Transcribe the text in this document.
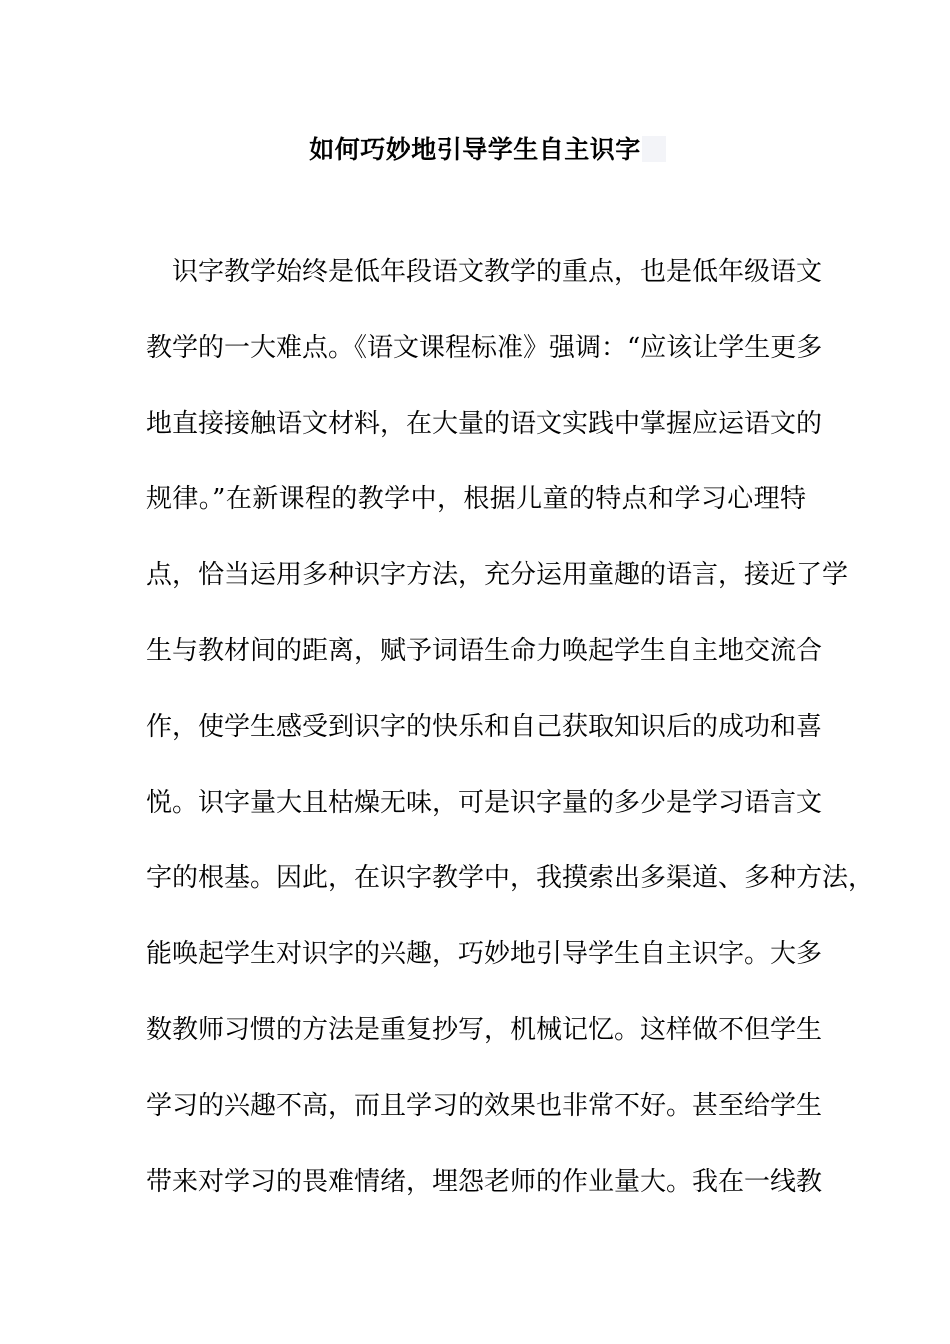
如何巧妙地引导学生自主识字
识字教学始终是低年段语文教学的重点，也是低年级语文
教学的一大难点。《语文课程标准》强调：“应该让学生更多
地直接接触语文材料，在大量的语文实践中掌握应运语文的
规律。”在新课程的教学中，根据儿童的特点和学习心理特
点，恰当运用多种识字方法，充分运用童趣的语言，接近了学
生与教材间的距离，赋予词语生命力唤起学生自主地交流合
作，使学生感受到识字的快乐和自己获取知识后的成功和喜
悦。识字量大且枯燥无味，可是识字量的多少是学习语言文
字的根基。因此，在识字教学中，我摸索出多渠道、多种方法，
能唤起学生对识字的兴趣，巧妙地引导学生自主识字。大多
数教师习惯的方法是重复抄写，机械记忆。这样做不但学生
学习的兴趣不高，而且学习的效果也非常不好。甚至给学生
带来对学习的畏难情绪，埋怨老师的作业量大。我在一线教
